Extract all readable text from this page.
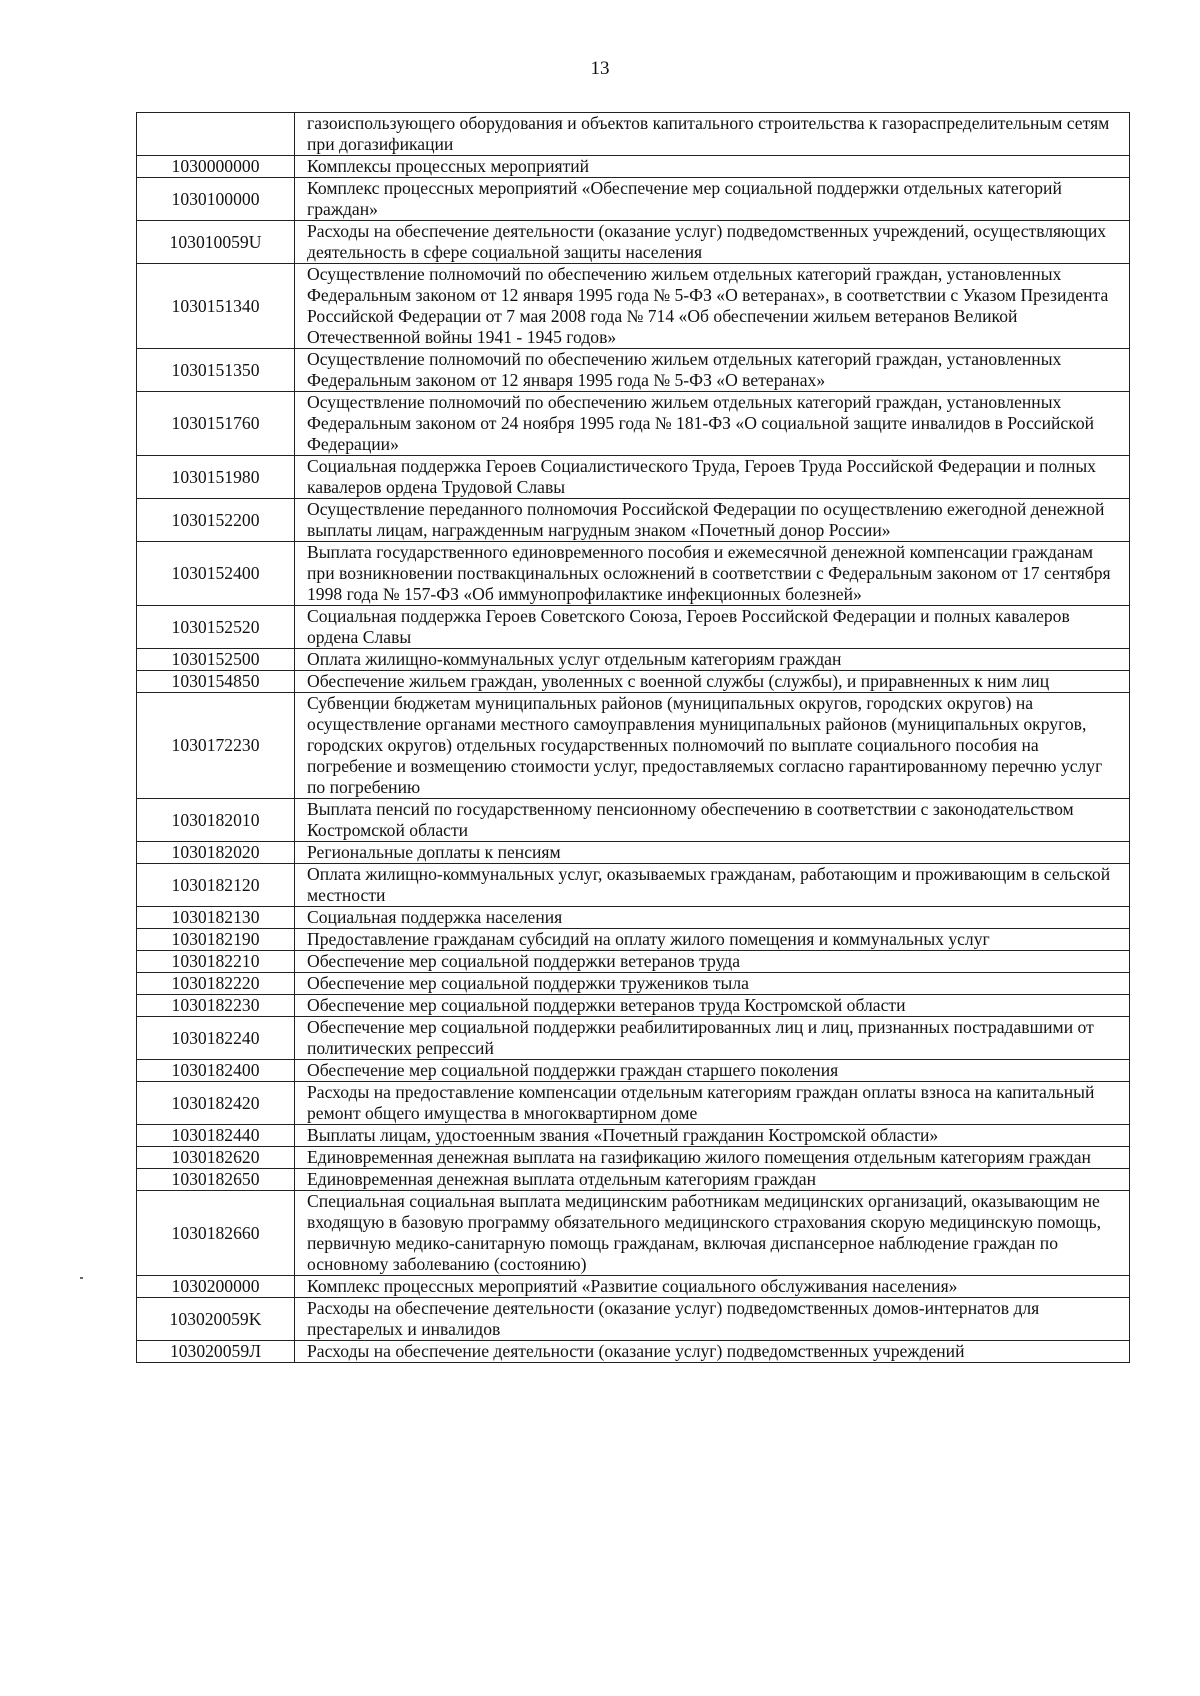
13
	газоиспользующего оборудования и объектов капитального строительства к газораспределительным сетям при догазификации
1030000000	Комплексы процессных мероприятий
1030100000	Комплекс процессных мероприятий «Обеспечение мер социальной поддержки отдельных категорий граждан»
103010059U	Расходы на обеспечение деятельности (оказание услуг) подведомственных учреждений, осуществляющих деятельность в сфере социальной защиты населения
1030151340	Осуществление полномочий по обеспечению жильем отдельных категорий граждан, установленных Федеральным законом от 12 января 1995 года № 5-ФЗ «О ветеранах», в соответствии с Указом Президента Российской Федерации от 7 мая 2008 года № 714 «Об обеспечении жильем ветеранов Великой Отечественной войны 1941 - 1945 годов»
1030151350	Осуществление полномочий по обеспечению жильем отдельных категорий граждан, установленных Федеральным законом от 12 января 1995 года № 5-ФЗ «О ветеранах»
1030151760	Осуществление полномочий по обеспечению жильем отдельных категорий граждан, установленных Федеральным законом от 24 ноября 1995 года № 181-ФЗ «О социальной защите инвалидов в Российской Федерации»
1030151980	Социальная поддержка Героев Социалистического Труда, Героев Труда Российской Федерации и полных кавалеров ордена Трудовой Славы
1030152200	Осуществление переданного полномочия Российской Федерации по осуществлению ежегодной денежной выплаты лицам, награжденным нагрудным знаком «Почетный донор России»
1030152400	Выплата государственного единовременного пособия и ежемесячной денежной компенсации гражданам при возникновении поствакцинальных осложнений в соответствии с Федеральным законом от 17 сентября 1998 года № 157-ФЗ «Об иммунопрофилактике инфекционных болезней»
1030152520	Социальная поддержка Героев Советского Союза, Героев Российской Федерации и полных кавалеров ордена Славы
1030152500	Оплата жилищно-коммунальных услуг отдельным категориям граждан
1030154850	Обеспечение жильем граждан, уволенных с военной службы (службы), и приравненных к ним лиц
1030172230	Субвенции бюджетам муниципальных районов (муниципальных округов, городских округов) на осуществление органами местного самоуправления муниципальных районов (муниципальных округов, городских округов) отдельных государственных полномочий по выплате социального пособия на погребение и возмещению стоимости услуг, предоставляемых согласно гарантированному перечню услуг по погребению
1030182010	Выплата пенсий по государственному пенсионному обеспечению в соответствии с законодательством Костромской области
1030182020	Региональные доплаты к пенсиям
1030182120	Оплата жилищно-коммунальных услуг, оказываемых гражданам, работающим и проживающим в сельской местности
1030182130	Социальная поддержка населения
1030182190	Предоставление гражданам субсидий на оплату жилого помещения и коммунальных услуг
1030182210	Обеспечение мер социальной поддержки ветеранов труда
1030182220	Обеспечение мер социальной поддержки тружеников тыла
1030182230	Обеспечение мер социальной поддержки ветеранов труда Костромской области
1030182240	Обеспечение мер социальной поддержки реабилитированных лиц и лиц, признанных пострадавшими от политических репрессий
1030182400	Обеспечение мер социальной поддержки граждан старшего поколения
1030182420	Расходы на предоставление компенсации отдельным категориям граждан оплаты взноса на капитальный ремонт общего имущества в многоквартирном доме
1030182440	Выплаты лицам, удостоенным звания «Почетный гражданин Костромской области»
1030182620	Единовременная денежная выплата на газификацию жилого помещения отдельным категориям граждан
1030182650	Единовременная денежная выплата отдельным категориям граждан
1030182660	Специальная социальная выплата медицинским работникам медицинских организаций, оказывающим не входящую в базовую программу обязательного медицинского страхования скорую медицинскую помощь, первичную медико-санитарную помощь гражданам, включая диспансерное наблюдение граждан по основному заболеванию (состоянию)
1030200000	Комплекс процессных мероприятий «Развитие социального обслуживания населения»
103020059K	Расходы на обеспечение деятельности (оказание услуг) подведомственных домов-интернатов для престарелых и инвалидов
103020059Л	Расходы на обеспечение деятельности (оказание услуг) подведомственных учреждений
